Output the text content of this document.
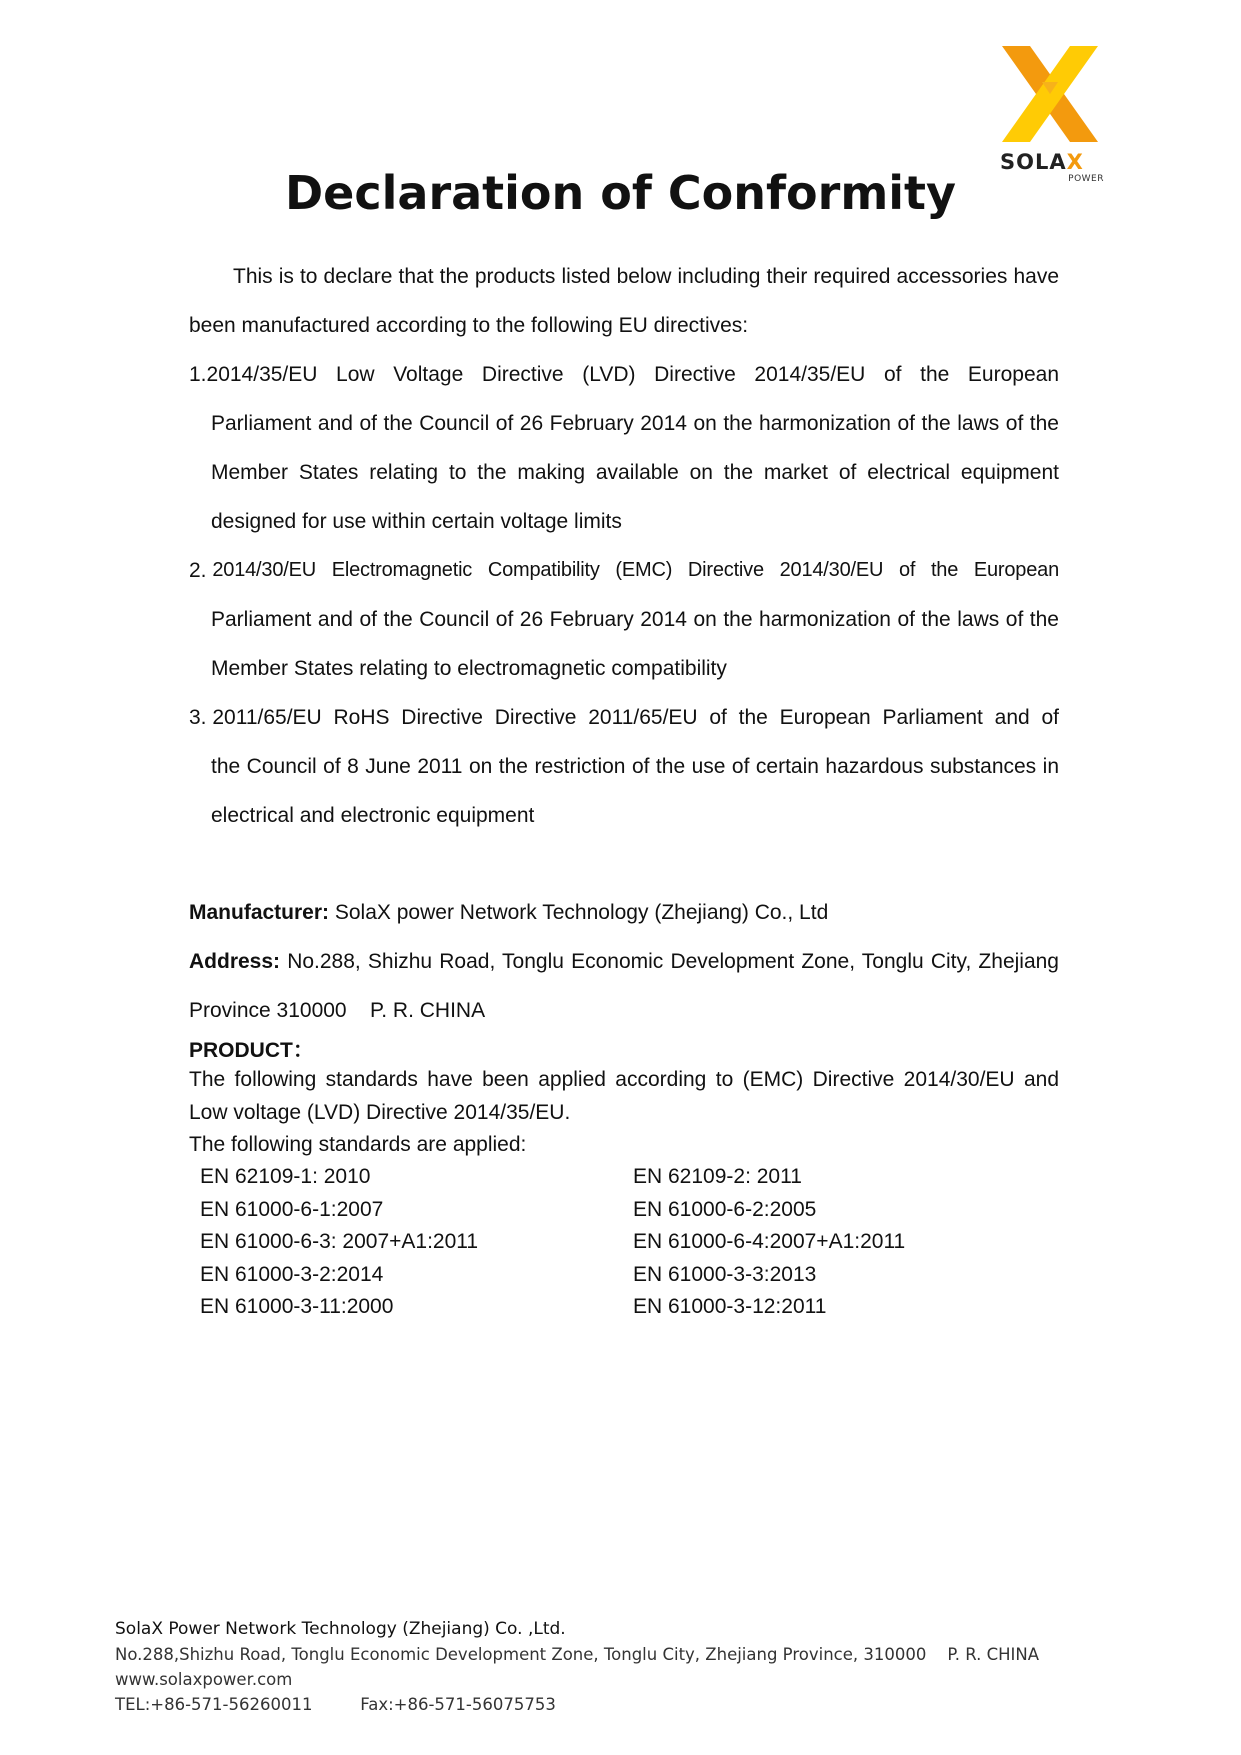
SOLAX
POWER
Declaration of Conformity
This is to declare that the products listed below including their required accessories have been manufactured according to the following EU directives:
1. 2014/35/EU Low Voltage Directive (LVD) Directive 2014/35/EU of the European
Parliament and of the Council of 26 February 2014 on the harmonization of the laws of the Member States relating to the making available on the market of electrical equipment designed for use within certain voltage limits
2. 2014/30/EU Electromagnetic Compatibility (EMC) Directive 2014/30/EU of the European
Parliament and of the Council of 26 February 2014 on the harmonization of the laws of the Member States relating to electromagnetic compatibility
3. 2011/65/EU RoHS Directive Directive 2011/65/EU of the European Parliament and of
the Council of 8 June 2011 on the restriction of the use of certain hazardous substances in electrical and electronic equipment
Manufacturer: SolaX power Network Technology (Zhejiang) Co., Ltd
Address: No.288, Shizhu Road, Tonglu Economic Development Zone, Tonglu City, Zhejiang Province 310000    P. R. CHINA
PRODUCT：
The following standards have been applied according to (EMC) Directive 2014/30/EU and Low voltage (LVD) Directive 2014/35/EU.
The following standards are applied:
EN 62109-1: 2010	EN 62109-2: 2011
EN 61000-6-1:2007	EN 61000-6-2:2005
EN 61000-6-3: 2007+A1:2011	EN 61000-6-4:2007+A1:2011
EN 61000-3-2:2014	EN 61000-3-3:2013
EN 61000-3-11:2000	EN 61000-3-12:2011
SolaX Power Network Technology (Zhejiang) Co. ,Ltd.
No.288,Shizhu Road, Tonglu Economic Development Zone, Tonglu City, Zhejiang Province, 310000    P. R. CHINA
www.solaxpower.com
TEL:+86-571-56260011	Fax:+86-571-56075753
